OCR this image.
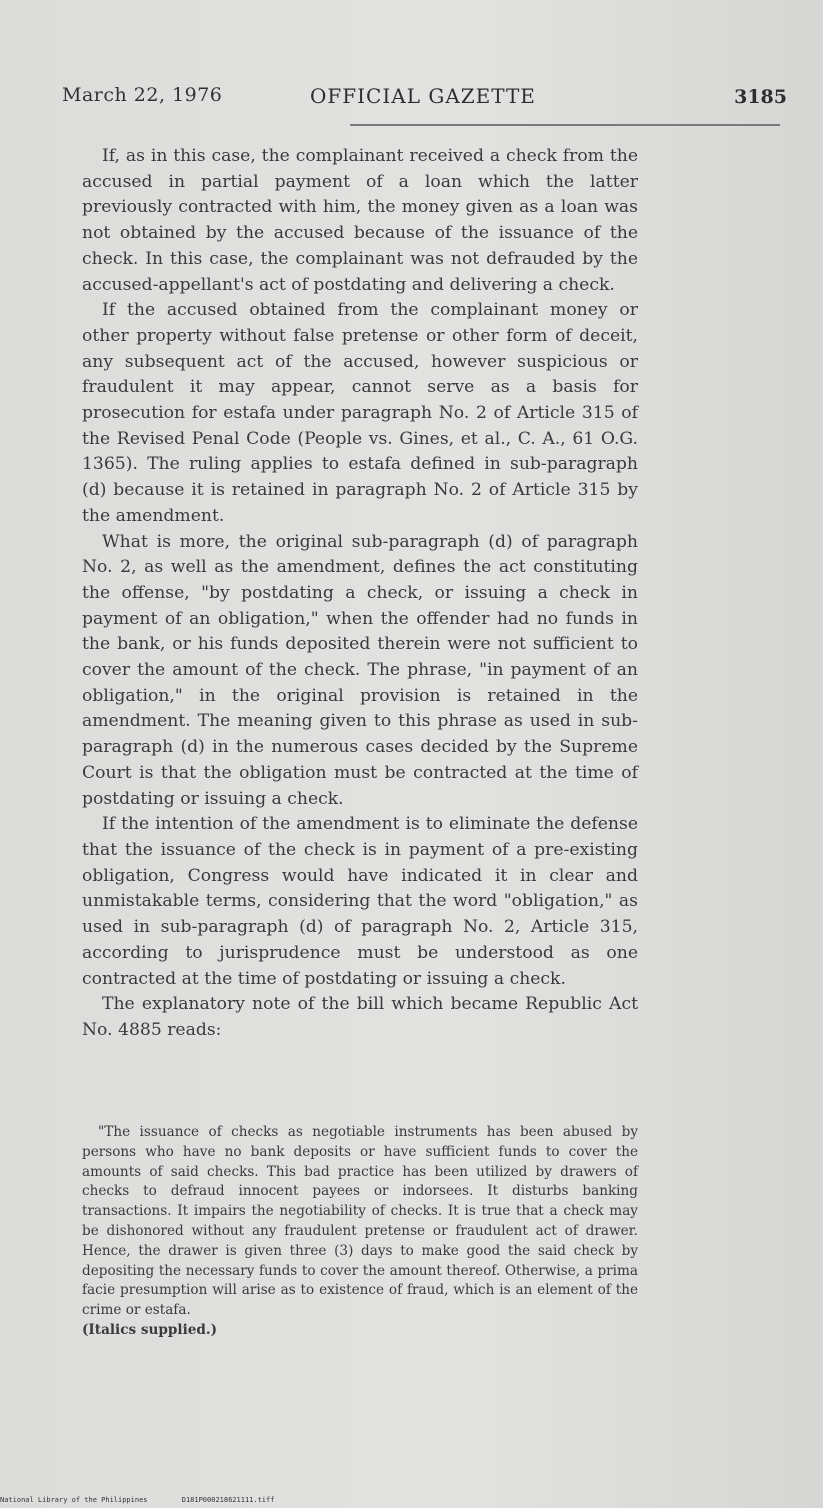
March 22, 1976	OFFICIAL GAZETTE	3185

If, as in this case, the complainant received a check from the accused in partial payment of a loan which the latter previously contracted with him, the money given as a loan was not obtained by the accused because of the issuance of the check. In this case, the complainant was not defrauded by the accused-appellant's act of postdating and delivering a check.

If the accused obtained from the complainant money or other property without false pretense or other form of deceit, any subsequent act of the accused, however suspicious or fraudulent it may appear, cannot serve as a basis for prosecution for estafa under paragraph No. 2 of Article 315 of the Revised Penal Code (People vs. Gines, et al., C. A., 61 O.G. 1365). The ruling applies to estafa defined in sub-paragraph (d) because it is retained in paragraph No. 2 of Article 315 by the amendment.

What is more, the original sub-paragraph (d) of paragraph No. 2, as well as the amendment, defines the act constituting the offense, "by postdating a check, or issuing a check in payment of an obligation," when the offender had no funds in the bank, or his funds deposited therein were not sufficient to cover the amount of the check. The phrase, "in payment of an obligation," in the original provision is retained in the amendment. The meaning given to this phrase as used in sub-paragraph (d) in the numerous cases decided by the Supreme Court is that the obligation must be contracted at the time of postdating or issuing a check.

If the intention of the amendment is to eliminate the defense that the issuance of the check is in payment of a pre-existing obligation, Congress would have indicated it in clear and unmistakable terms, considering that the word "obligation," as used in sub-paragraph (d) of paragraph No. 2, Article 315, according to jurisprudence must be understood as one contracted at the time of postdating or issuing a check.

The explanatory note of the bill which became Republic Act No. 4885 reads:

"The issuance of checks as negotiable instruments has been abused by persons who have no bank deposits or have sufficient funds to cover the amounts of said checks. This bad practice has been utilized by drawers of checks to defraud innocent payees or indorsees. It disturbs banking transactions. It impairs the negotiability of checks. It is true that a check may be dishonored without any fraudulent pretense or fraudulent act of drawer. Hence, the drawer is given three (3) days to make good the said check by depositing the necessary funds to cover the amount thereof. Otherwise, a prima facie presumption will arise as to existence of fraud, which is an element of the crime or estafa.

(Italics supplied.)

National Library of the Philippines	D181P000218621111.tiff
